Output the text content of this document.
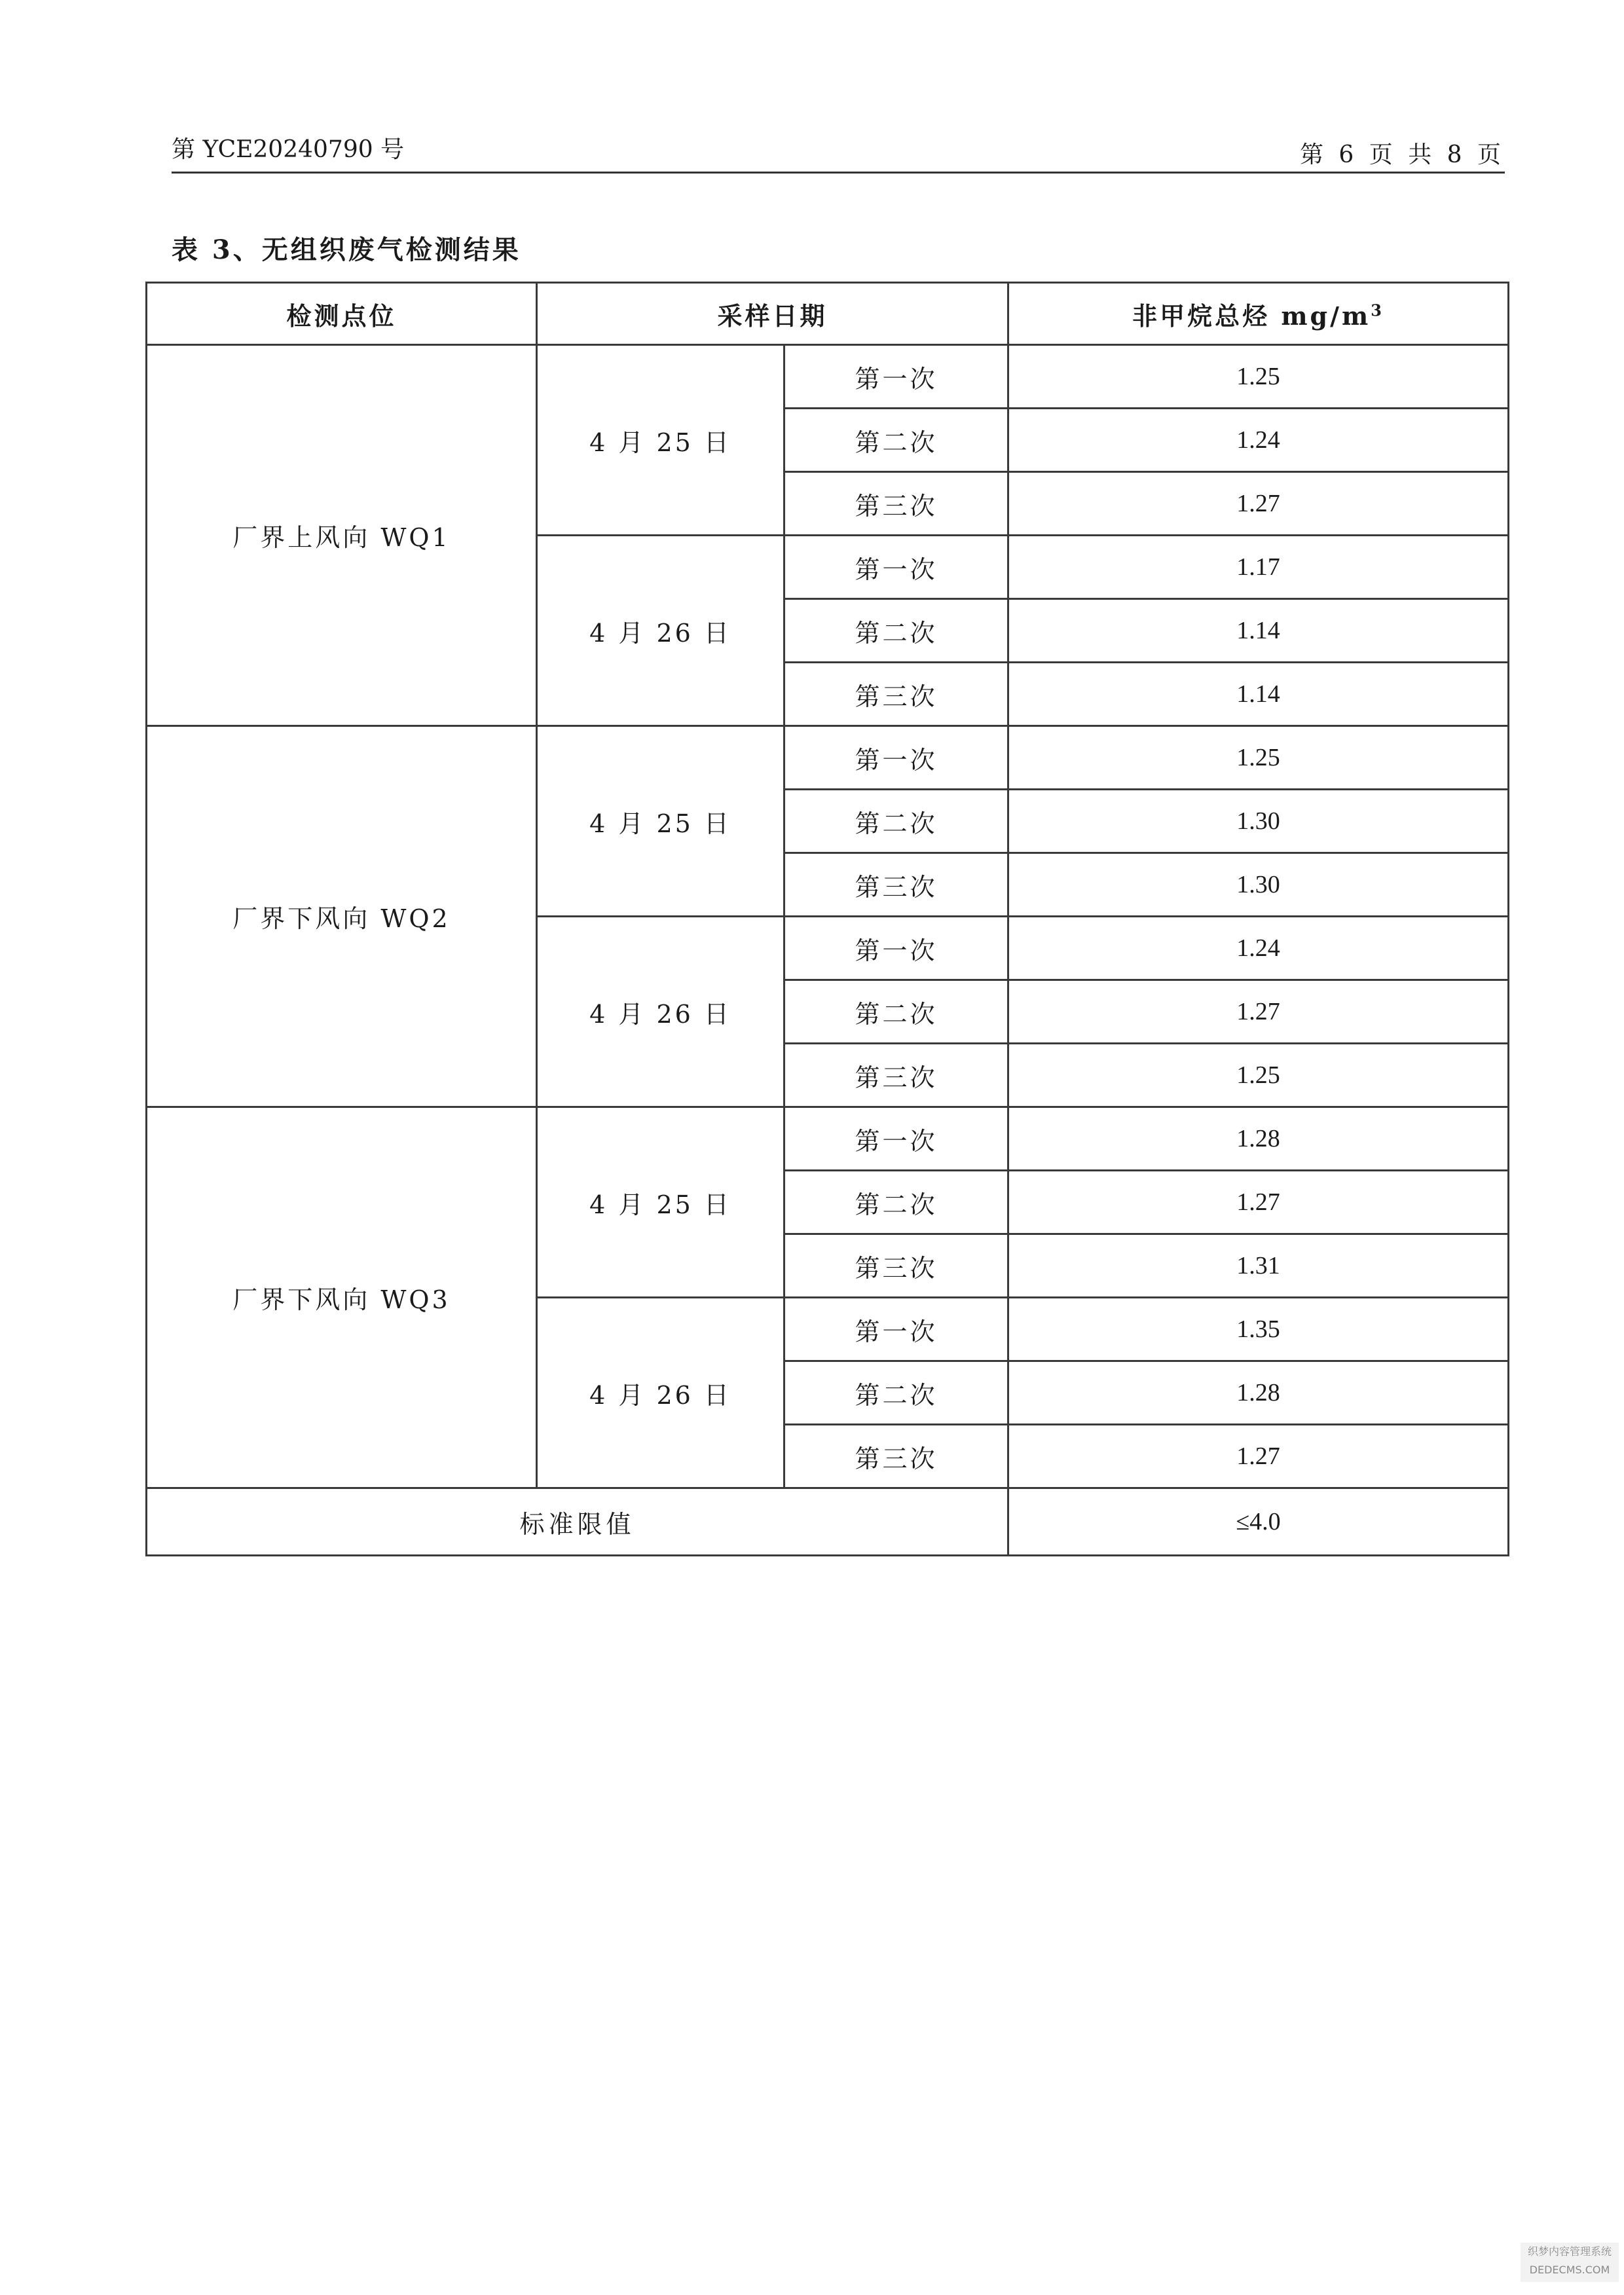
第 YCE20240790 号	第 6 页 共 8 页
表 3、无组织废气检测结果
检测点位	采样日期		非甲烷总烃 $mg/m^3$
厂界上风向 WQ1	4 月 25 日	第一次	1.25
		第二次	1.24
		第三次	1.27
	4 月 26 日	第一次	1.17
		第二次	1.14
		第三次	1.14
厂界下风向 WQ2	4 月 25 日	第一次	1.25
		第二次	1.30
		第三次	1.30
	4 月 26 日	第一次	1.24
		第二次	1.27
		第三次	1.25
厂界下风向 WQ3	4 月 25 日	第一次	1.28
		第二次	1.27
		第三次	1.31
	4 月 26 日	第一次	1.35
		第二次	1.28
		第三次	1.27
标准限值			≤4.0
织梦内容管理系统
DEDECMS.COM
